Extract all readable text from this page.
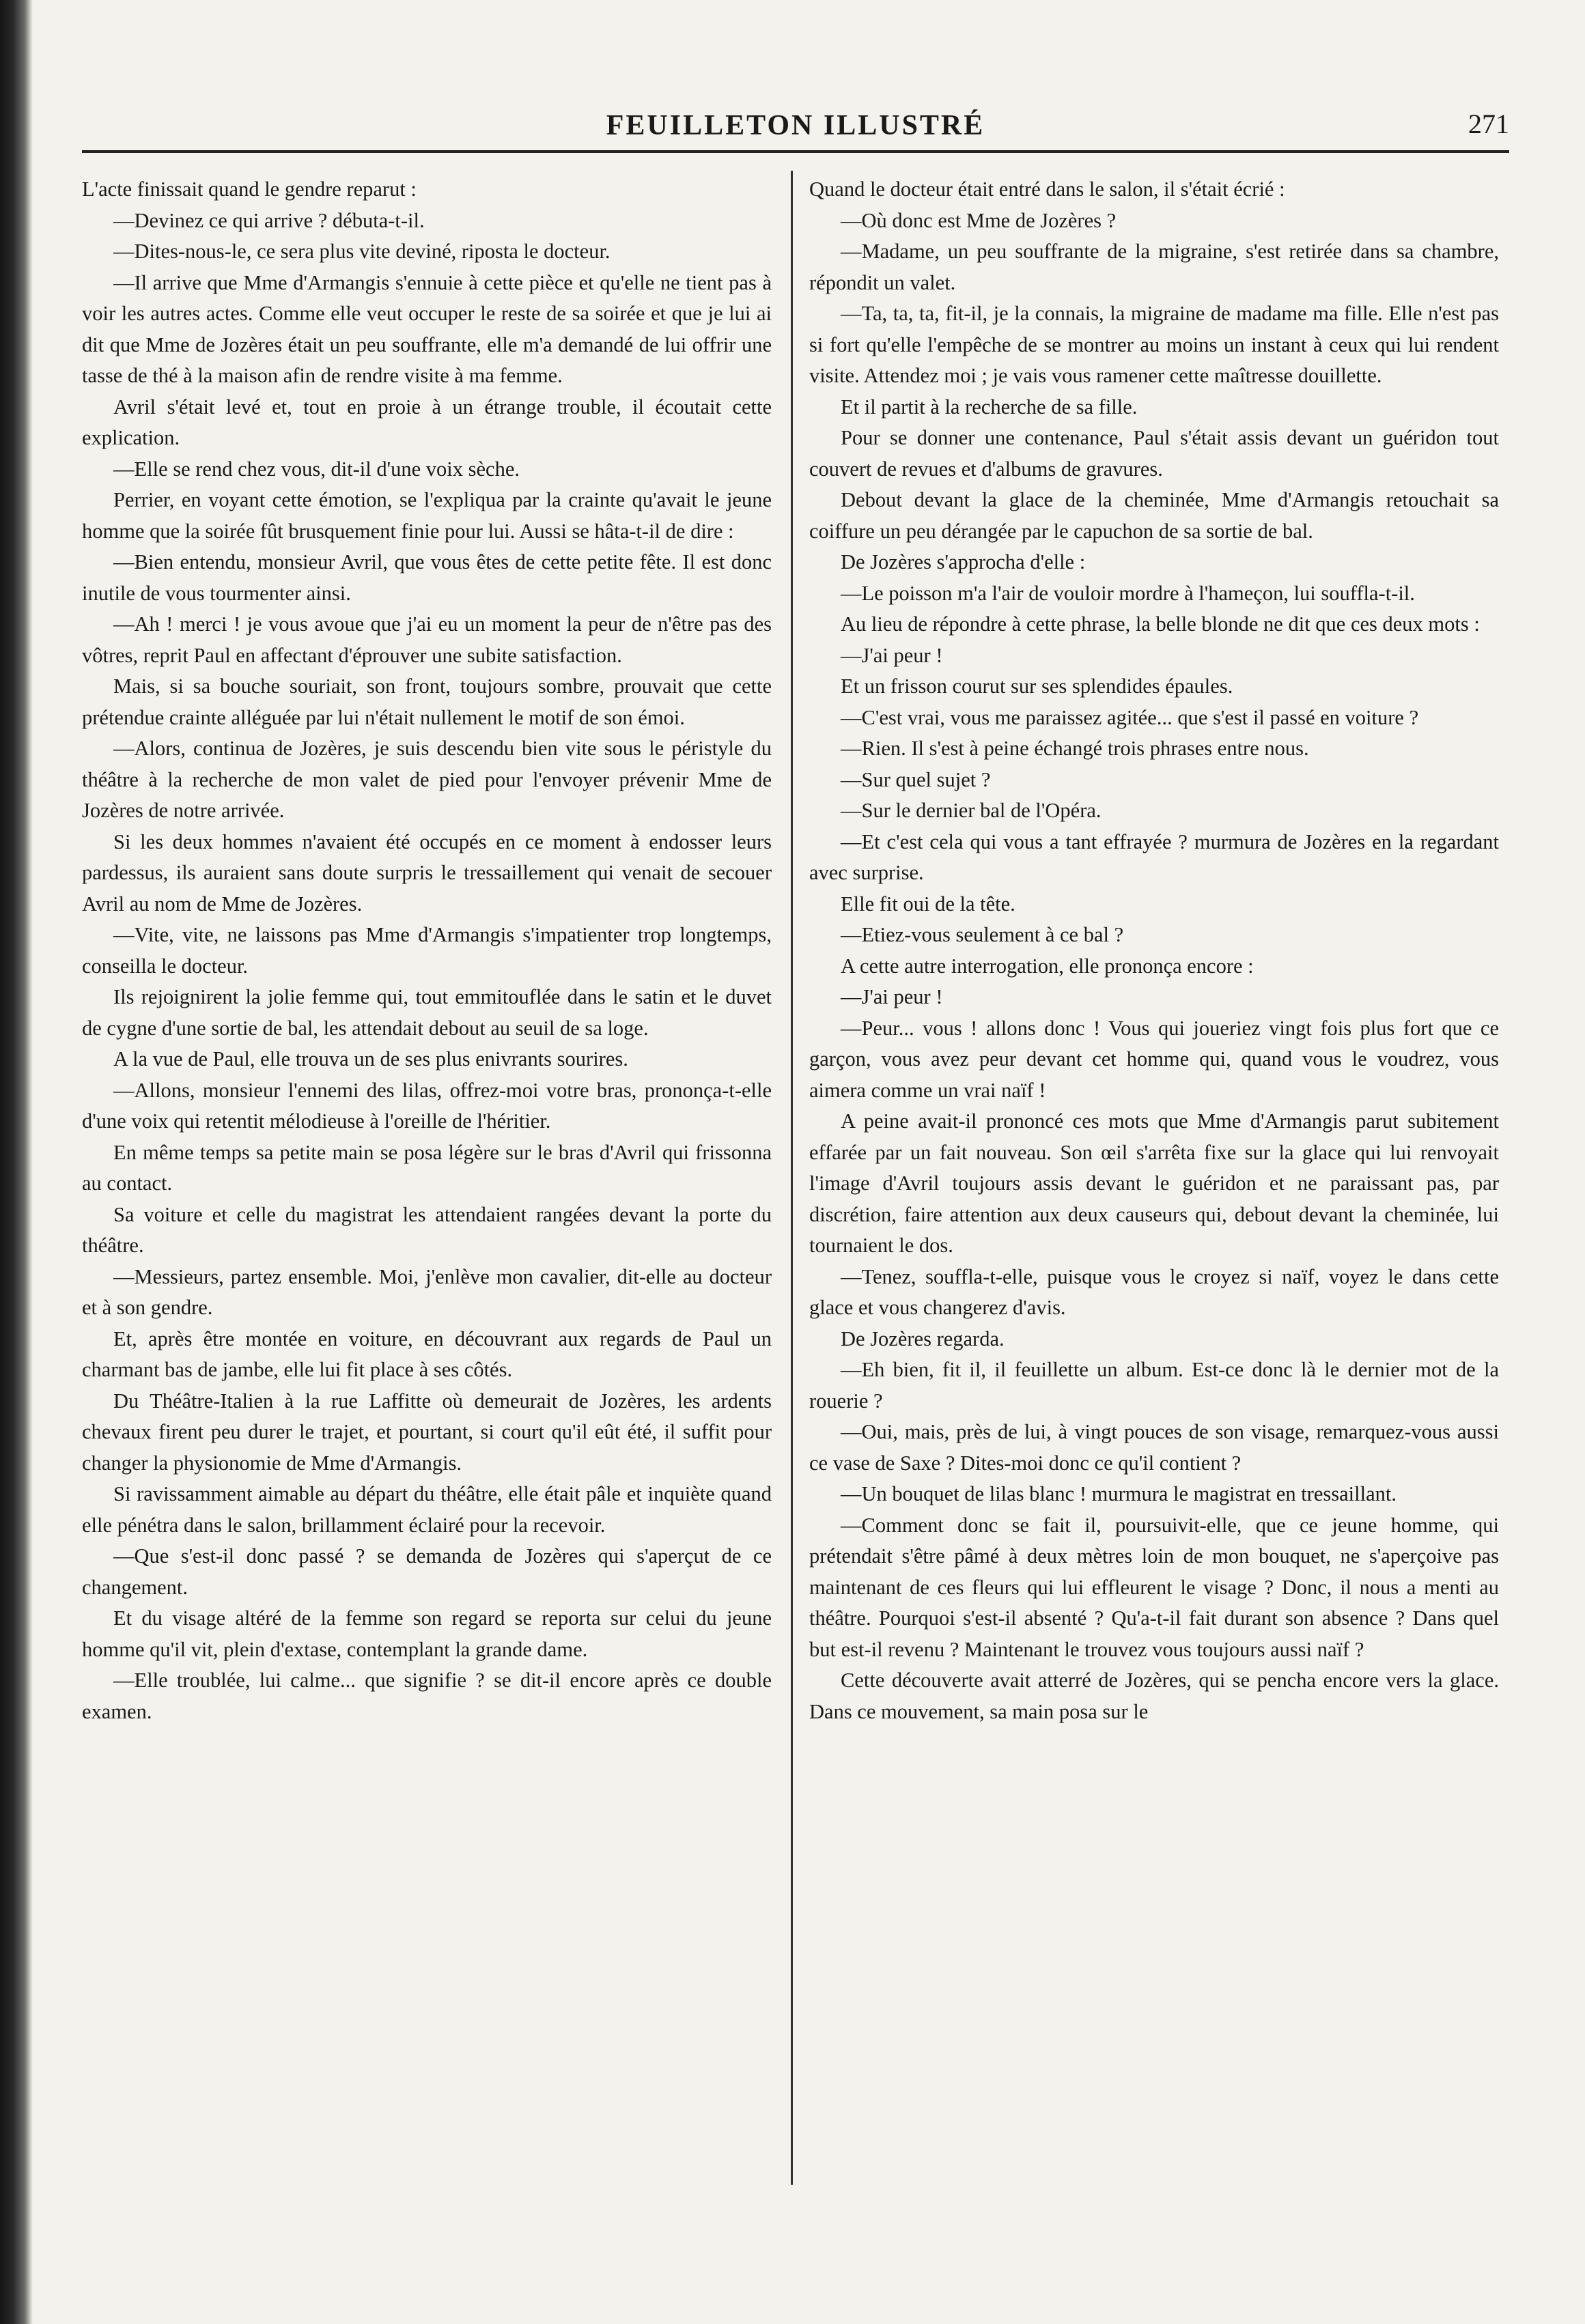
FEUILLETON ILLUSTRÉ	271

L'acte finissait quand le gendre reparut :

—Devinez ce qui arrive ? débuta-t-il.

—Dites-nous-le, ce sera plus vite deviné, riposta le docteur.

—Il arrive que Mme d'Armangis s'ennuie à cette pièce et qu'elle ne tient pas à voir les autres actes. Comme elle veut occuper le reste de sa soirée et que je lui ai dit que Mme de Jozères était un peu souffrante, elle m'a demandé de lui offrir une tasse de thé à la maison afin de rendre visite à ma femme.

Avril s'était levé et, tout en proie à un étrange trouble, il écoutait cette explication.

—Elle se rend chez vous, dit-il d'une voix sèche.

Perrier, en voyant cette émotion, se l'expliqua par la crainte qu'avait le jeune homme que la soirée fût brusquement finie pour lui. Aussi se hâta-t-il de dire :

—Bien entendu, monsieur Avril, que vous êtes de cette petite fête. Il est donc inutile de vous tourmenter ainsi.

—Ah ! merci ! je vous avoue que j'ai eu un moment la peur de n'être pas des vôtres, reprit Paul en affectant d'éprouver une subite satisfaction.

Mais, si sa bouche souriait, son front, toujours sombre, prouvait que cette prétendue crainte alléguée par lui n'était nullement le motif de son émoi.

—Alors, continua de Jozères, je suis descendu bien vite sous le péristyle du théâtre à la recherche de mon valet de pied pour l'envoyer prévenir Mme de Jozères de notre arrivée.

Si les deux hommes n'avaient été occupés en ce moment à endosser leurs pardessus, ils auraient sans doute surpris le tressaillement qui venait de secouer Avril au nom de Mme de Jozères.

—Vite, vite, ne laissons pas Mme d'Armangis s'impatienter trop longtemps, conseilla le docteur.

Ils rejoignirent la jolie femme qui, tout emmitouflée dans le satin et le duvet de cygne d'une sortie de bal, les attendait debout au seuil de sa loge.

A la vue de Paul, elle trouva un de ses plus enivrants sourires.

—Allons, monsieur l'ennemi des lilas, offrez-moi votre bras, prononça-t-elle d'une voix qui retentit mélodieuse à l'oreille de l'héritier.

En même temps sa petite main se posa légère sur le bras d'Avril qui frissonna au contact.

Sa voiture et celle du magistrat les attendaient rangées devant la porte du théâtre.

—Messieurs, partez ensemble. Moi, j'enlève mon cavalier, dit-elle au docteur et à son gendre.

Et, après être montée en voiture, en découvrant aux regards de Paul un charmant bas de jambe, elle lui fit place à ses côtés.

Du Théâtre-Italien à la rue Laffitte où demeurait de Jozères, les ardents chevaux firent peu durer le trajet, et pourtant, si court qu'il eût été, il suffit pour changer la physionomie de Mme d'Armangis.

Si ravissamment aimable au départ du théâtre, elle était pâle et inquiète quand elle pénétra dans le salon, brillamment éclairé pour la recevoir.

—Que s'est-il donc passé ? se demanda de Jozères qui s'aperçut de ce changement.

Et du visage altéré de la femme son regard se reporta sur celui du jeune homme qu'il vit, plein d'extase, contemplant la grande dame.

—Elle troublée, lui calme... que signifie ? se dit-il encore après ce double examen.

Quand le docteur était entré dans le salon, il s'était écrié :

—Où donc est Mme de Jozères ?

—Madame, un peu souffrante de la migraine, s'est retirée dans sa chambre, répondit un valet.

—Ta, ta, ta, fit-il, je la connais, la migraine de madame ma fille. Elle n'est pas si fort qu'elle l'empêche de se montrer au moins un instant à ceux qui lui rendent visite. Attendez moi ; je vais vous ramener cette maîtresse douillette.

Et il partit à la recherche de sa fille.

Pour se donner une contenance, Paul s'était assis devant un guéridon tout couvert de revues et d'albums de gravures.

Debout devant la glace de la cheminée, Mme d'Armangis retouchait sa coiffure un peu dérangée par le capuchon de sa sortie de bal.

De Jozères s'approcha d'elle :

—Le poisson m'a l'air de vouloir mordre à l'hameçon, lui souffla-t-il.

Au lieu de répondre à cette phrase, la belle blonde ne dit que ces deux mots :

—J'ai peur !

Et un frisson courut sur ses splendides épaules.

—C'est vrai, vous me paraissez agitée... que s'est il passé en voiture ?

—Rien. Il s'est à peine échangé trois phrases entre nous.

—Sur quel sujet ?

—Sur le dernier bal de l'Opéra.

—Et c'est cela qui vous a tant effrayée ? murmura de Jozères en la regardant avec surprise.

Elle fit oui de la tête.

—Etiez-vous seulement à ce bal ?

A cette autre interrogation, elle prononça encore :

—J'ai peur !

—Peur... vous ! allons donc ! Vous qui joueriez vingt fois plus fort que ce garçon, vous avez peur devant cet homme qui, quand vous le voudrez, vous aimera comme un vrai naïf !

A peine avait-il prononcé ces mots que Mme d'Armangis parut subitement effarée par un fait nouveau. Son œil s'arrêta fixe sur la glace qui lui renvoyait l'image d'Avril toujours assis devant le guéridon et ne paraissant pas, par discrétion, faire attention aux deux causeurs qui, debout devant la cheminée, lui tournaient le dos.

—Tenez, souffla-t-elle, puisque vous le croyez si naïf, voyez le dans cette glace et vous changerez d'avis.

De Jozères regarda.

—Eh bien, fit il, il feuillette un album. Est-ce donc là le dernier mot de la rouerie ?

—Oui, mais, près de lui, à vingt pouces de son visage, remarquez-vous aussi ce vase de Saxe ? Dites-moi donc ce qu'il contient ?

—Un bouquet de lilas blanc ! murmura le magistrat en tressaillant.

—Comment donc se fait il, poursuivit-elle, que ce jeune homme, qui prétendait s'être pâmé à deux mètres loin de mon bouquet, ne s'aperçoive pas maintenant de ces fleurs qui lui effleurent le visage ? Donc, il nous a menti au théâtre. Pourquoi s'est-il absenté ? Qu'a-t-il fait durant son absence ? Dans quel but est-il revenu ? Maintenant le trouvez vous toujours aussi naïf ?

Cette découverte avait atterré de Jozères, qui se pencha encore vers la glace. Dans ce mouvement, sa main posa sur le
